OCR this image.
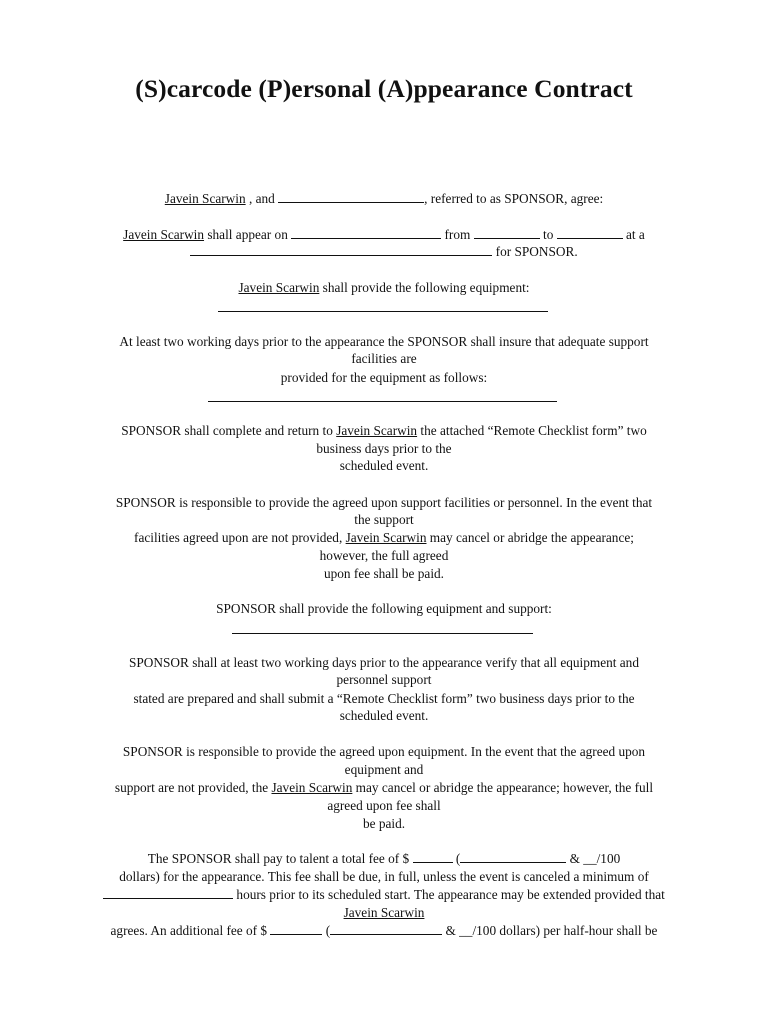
(S)carcode (P)ersonal (A)ppearance Contract
Javein Scarwin , and	, referred to as SPONSOR, agree:
Javein Scarwin shall appear on	from	to	at a
for SPONSOR.
Javein Scarwin shall provide the following equipment:
At least two working days prior to the appearance the SPONSOR shall insure that adequate support
facilities are
provided for the equipment as follows:
SPONSOR shall complete and return to Javein Scarwin the attached “Remote Checklist form” two
business days prior to the
scheduled event.
SPONSOR is responsible to provide the agreed upon support facilities or personnel. In the event that
the support
facilities agreed upon are not provided, Javein Scarwin may cancel or abridge the appearance;
however, the full agreed
upon fee shall be paid.
SPONSOR shall provide the following equipment and support:
SPONSOR shall at least two working days prior to the appearance verify that all equipment and
personnel support
stated are prepared and shall submit a “Remote Checklist form” two business days prior to the
scheduled event.
SPONSOR is responsible to provide the agreed upon equipment. In the event that the agreed upon
equipment and
support are not provided, the Javein Scarwin may cancel or abridge the appearance; however, the full
agreed upon fee shall
be paid.
The SPONSOR shall pay to talent a total fee of $	(	& __/100
dollars) for the appearance. This fee shall be due, in full, unless the event is canceled a minimum of
hours prior to its scheduled start. The appearance may be extended provided that
Javein Scarwin
agrees. An additional fee of $	(	& __/100 dollars) per half-hour shall be
